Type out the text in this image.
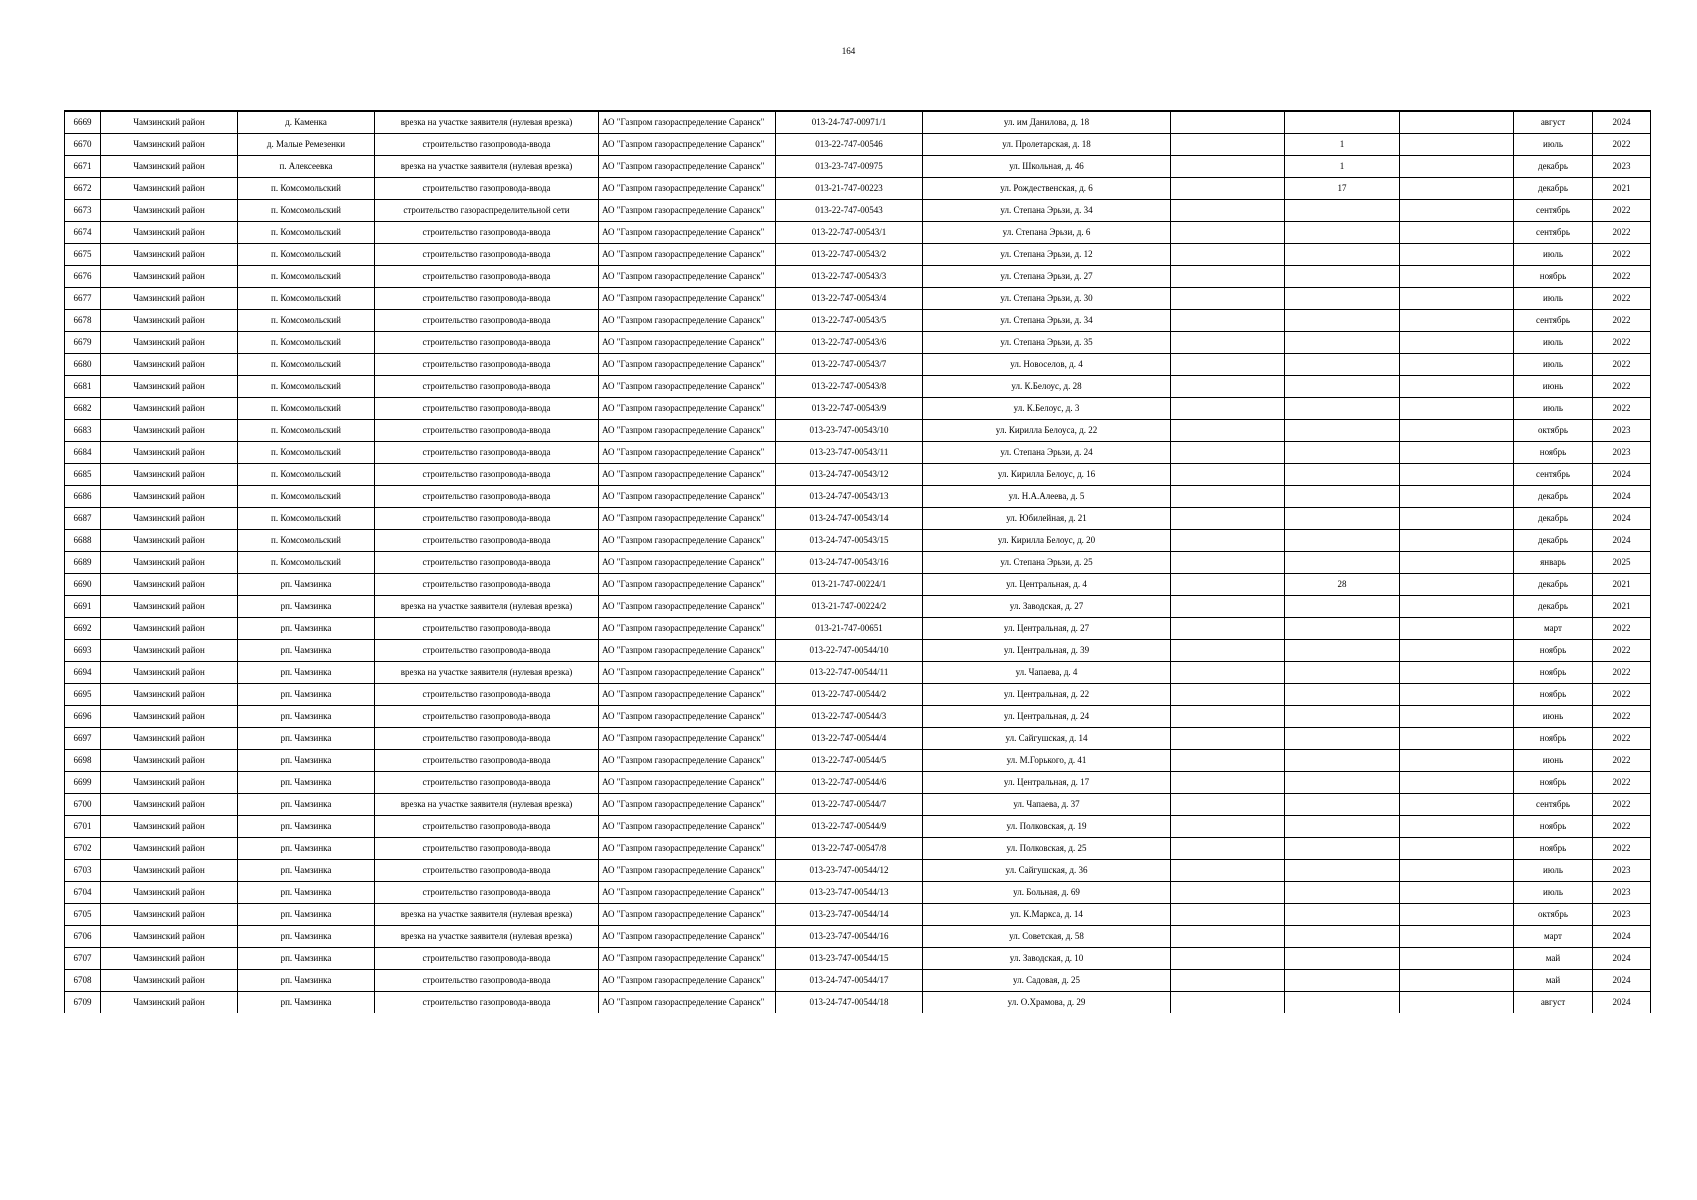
164
6669	Чамзинский район	д. Каменка	врезка на участке заявителя (нулевая врезка)	АО "Газпром газораспределение Саранск"	013-24-747-00971/1	ул. им Данилова, д. 18				август	2024
6670	Чамзинский район	д. Малые Ремезенки	строительство газопровода-ввода	АО "Газпром газораспределение Саранск"	013-22-747-00546	ул. Пролетарская, д. 18		1		июль	2022
6671	Чамзинский район	п. Алексеевка	врезка на участке заявителя (нулевая врезка)	АО "Газпром газораспределение Саранск"	013-23-747-00975	ул. Школьная, д. 46		1		декабрь	2023
6672	Чамзинский район	п. Комсомольский	строительство газопровода-ввода	АО "Газпром газораспределение Саранск"	013-21-747-00223	ул. Рождественская, д. 6		17		декабрь	2021
6673	Чамзинский район	п. Комсомольский	строительство газораспределительной сети	АО "Газпром газораспределение Саранск"	013-22-747-00543	ул. Степана Эрьзи, д. 34				сентябрь	2022
6674	Чамзинский район	п. Комсомольский	строительство газопровода-ввода	АО "Газпром газораспределение Саранск"	013-22-747-00543/1	ул. Степана Эрьзи, д. 6				сентябрь	2022
6675	Чамзинский район	п. Комсомольский	строительство газопровода-ввода	АО "Газпром газораспределение Саранск"	013-22-747-00543/2	ул. Степана Эрьзи, д. 12				июль	2022
6676	Чамзинский район	п. Комсомольский	строительство газопровода-ввода	АО "Газпром газораспределение Саранск"	013-22-747-00543/3	ул. Степана Эрьзи, д. 27				ноябрь	2022
6677	Чамзинский район	п. Комсомольский	строительство газопровода-ввода	АО "Газпром газораспределение Саранск"	013-22-747-00543/4	ул. Степана Эрьзи, д. 30				июль	2022
6678	Чамзинский район	п. Комсомольский	строительство газопровода-ввода	АО "Газпром газораспределение Саранск"	013-22-747-00543/5	ул. Степана Эрьзи, д. 34				сентябрь	2022
6679	Чамзинский район	п. Комсомольский	строительство газопровода-ввода	АО "Газпром газораспределение Саранск"	013-22-747-00543/6	ул. Степана Эрьзи, д. 35				июль	2022
6680	Чамзинский район	п. Комсомольский	строительство газопровода-ввода	АО "Газпром газораспределение Саранск"	013-22-747-00543/7	ул. Новоселов, д. 4				июль	2022
6681	Чамзинский район	п. Комсомольский	строительство газопровода-ввода	АО "Газпром газораспределение Саранск"	013-22-747-00543/8	ул. К.Белоус, д. 28				июнь	2022
6682	Чамзинский район	п. Комсомольский	строительство газопровода-ввода	АО "Газпром газораспределение Саранск"	013-22-747-00543/9	ул. К.Белоус, д. 3				июль	2022
6683	Чамзинский район	п. Комсомольский	строительство газопровода-ввода	АО "Газпром газораспределение Саранск"	013-23-747-00543/10	ул. Кирилла Белоуса, д. 22				октябрь	2023
6684	Чамзинский район	п. Комсомольский	строительство газопровода-ввода	АО "Газпром газораспределение Саранск"	013-23-747-00543/11	ул. Степана Эрьзи, д. 24				ноябрь	2023
6685	Чамзинский район	п. Комсомольский	строительство газопровода-ввода	АО "Газпром газораспределение Саранск"	013-24-747-00543/12	ул. Кирилла Белоус, д. 16				сентябрь	2024
6686	Чамзинский район	п. Комсомольский	строительство газопровода-ввода	АО "Газпром газораспределение Саранск"	013-24-747-00543/13	ул. Н.А.Алеева, д. 5				декабрь	2024
6687	Чамзинский район	п. Комсомольский	строительство газопровода-ввода	АО "Газпром газораспределение Саранск"	013-24-747-00543/14	ул. Юбилейная, д. 21				декабрь	2024
6688	Чамзинский район	п. Комсомольский	строительство газопровода-ввода	АО "Газпром газораспределение Саранск"	013-24-747-00543/15	ул. Кирилла Белоус, д. 20				декабрь	2024
6689	Чамзинский район	п. Комсомольский	строительство газопровода-ввода	АО "Газпром газораспределение Саранск"	013-24-747-00543/16	ул. Степана Эрьзи, д. 25				январь	2025
6690	Чамзинский район	рп. Чамзинка	строительство газопровода-ввода	АО "Газпром газораспределение Саранск"	013-21-747-00224/1	ул. Центральная, д. 4		28		декабрь	2021
6691	Чамзинский район	рп. Чамзинка	врезка на участке заявителя (нулевая врезка)	АО "Газпром газораспределение Саранск"	013-21-747-00224/2	ул. Заводская, д. 27				декабрь	2021
6692	Чамзинский район	рп. Чамзинка	строительство газопровода-ввода	АО "Газпром газораспределение Саранск"	013-21-747-00651	ул. Центральная, д. 27				март	2022
6693	Чамзинский район	рп. Чамзинка	строительство газопровода-ввода	АО "Газпром газораспределение Саранск"	013-22-747-00544/10	ул. Центральная, д. 39				ноябрь	2022
6694	Чамзинский район	рп. Чамзинка	врезка на участке заявителя (нулевая врезка)	АО "Газпром газораспределение Саранск"	013-22-747-00544/11	ул. Чапаева, д. 4				ноябрь	2022
6695	Чамзинский район	рп. Чамзинка	строительство газопровода-ввода	АО "Газпром газораспределение Саранск"	013-22-747-00544/2	ул. Центральная, д. 22				ноябрь	2022
6696	Чамзинский район	рп. Чамзинка	строительство газопровода-ввода	АО "Газпром газораспределение Саранск"	013-22-747-00544/3	ул. Центральная, д. 24				июнь	2022
6697	Чамзинский район	рп. Чамзинка	строительство газопровода-ввода	АО "Газпром газораспределение Саранск"	013-22-747-00544/4	ул. Сайгушская, д. 14				ноябрь	2022
6698	Чамзинский район	рп. Чамзинка	строительство газопровода-ввода	АО "Газпром газораспределение Саранск"	013-22-747-00544/5	ул. М.Горького, д. 41				июнь	2022
6699	Чамзинский район	рп. Чамзинка	строительство газопровода-ввода	АО "Газпром газораспределение Саранск"	013-22-747-00544/6	ул. Центральная, д. 17				ноябрь	2022
6700	Чамзинский район	рп. Чамзинка	врезка на участке заявителя (нулевая врезка)	АО "Газпром газораспределение Саранск"	013-22-747-00544/7	ул. Чапаева, д. 37				сентябрь	2022
6701	Чамзинский район	рп. Чамзинка	строительство газопровода-ввода	АО "Газпром газораспределение Саранск"	013-22-747-00544/9	ул. Полковская, д. 19				ноябрь	2022
6702	Чамзинский район	рп. Чамзинка	строительство газопровода-ввода	АО "Газпром газораспределение Саранск"	013-22-747-00547/8	ул. Полковская, д. 25				ноябрь	2022
6703	Чамзинский район	рп. Чамзинка	строительство газопровода-ввода	АО "Газпром газораспределение Саранск"	013-23-747-00544/12	ул. Сайгушская, д. 36				июль	2023
6704	Чамзинский район	рп. Чамзинка	строительство газопровода-ввода	АО "Газпром газораспределение Саранск"	013-23-747-00544/13	ул. Больная, д. 69				июль	2023
6705	Чамзинский район	рп. Чамзинка	врезка на участке заявителя (нулевая врезка)	АО "Газпром газораспределение Саранск"	013-23-747-00544/14	ул. К.Маркса, д. 14				октябрь	2023
6706	Чамзинский район	рп. Чамзинка	врезка на участке заявителя (нулевая врезка)	АО "Газпром газораспределение Саранск"	013-23-747-00544/16	ул. Советская, д. 58				март	2024
6707	Чамзинский район	рп. Чамзинка	строительство газопровода-ввода	АО "Газпром газораспределение Саранск"	013-23-747-00544/15	ул. Заводская, д. 10				май	2024
6708	Чамзинский район	рп. Чамзинка	строительство газопровода-ввода	АО "Газпром газораспределение Саранск"	013-24-747-00544/17	ул. Садовая, д. 25				май	2024
6709	Чамзинский район	рп. Чамзинка	строительство газопровода-ввода	АО "Газпром газораспределение Саранск"	013-24-747-00544/18	ул. О.Храмова, д. 29				август	2024
